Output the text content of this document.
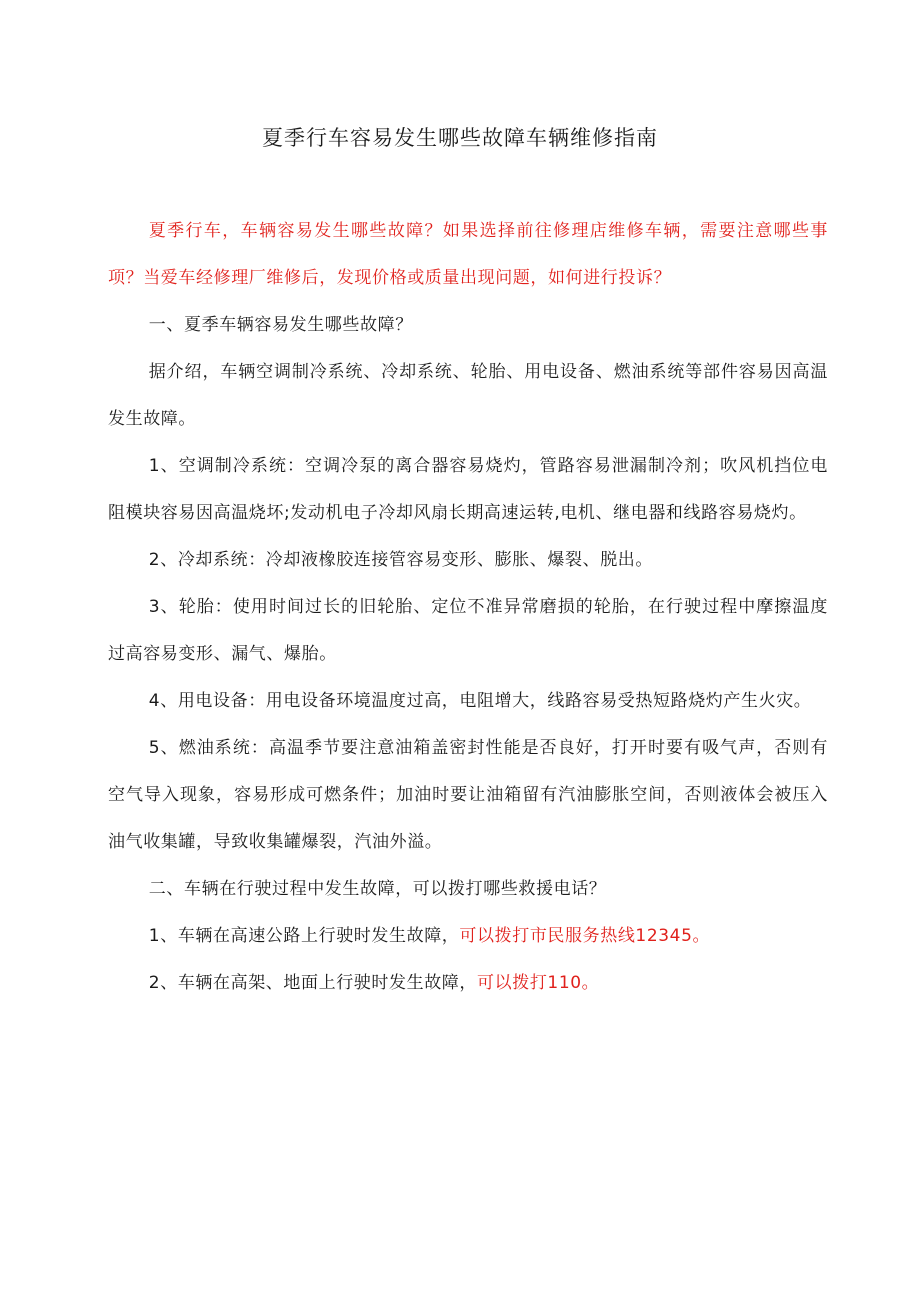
夏季行车容易发生哪些故障车辆维修指南

夏季行车，车辆容易发生哪些故障？如果选择前往修理店维修车辆，需要注意哪些事项？当爱车经修理厂维修后，发现价格或质量出现问题，如何进行投诉？

一、夏季车辆容易发生哪些故障？

据介绍，车辆空调制冷系统、冷却系统、轮胎、用电设备、燃油系统等部件容易因高温发生故障。

1、空调制冷系统：空调冷泵的离合器容易烧灼，管路容易泄漏制冷剂；吹风机挡位电阻模块容易因高温烧坏;发动机电子冷却风扇长期高速运转,电机、继电器和线路容易烧灼。

2、冷却系统：冷却液橡胶连接管容易变形、膨胀、爆裂、脱出。

3、轮胎：使用时间过长的旧轮胎、定位不准异常磨损的轮胎，在行驶过程中摩擦温度过高容易变形、漏气、爆胎。

4、用电设备：用电设备环境温度过高，电阻增大，线路容易受热短路烧灼产生火灾。

5、燃油系统：高温季节要注意油箱盖密封性能是否良好，打开时要有吸气声，否则有空气导入现象，容易形成可燃条件；加油时要让油箱留有汽油膨胀空间，否则液体会被压入油气收集罐，导致收集罐爆裂，汽油外溢。

二、车辆在行驶过程中发生故障，可以拨打哪些救援电话？

1、车辆在高速公路上行驶时发生故障，可以拨打市民服务热线12345。

2、车辆在高架、地面上行驶时发生故障，可以拨打110。
